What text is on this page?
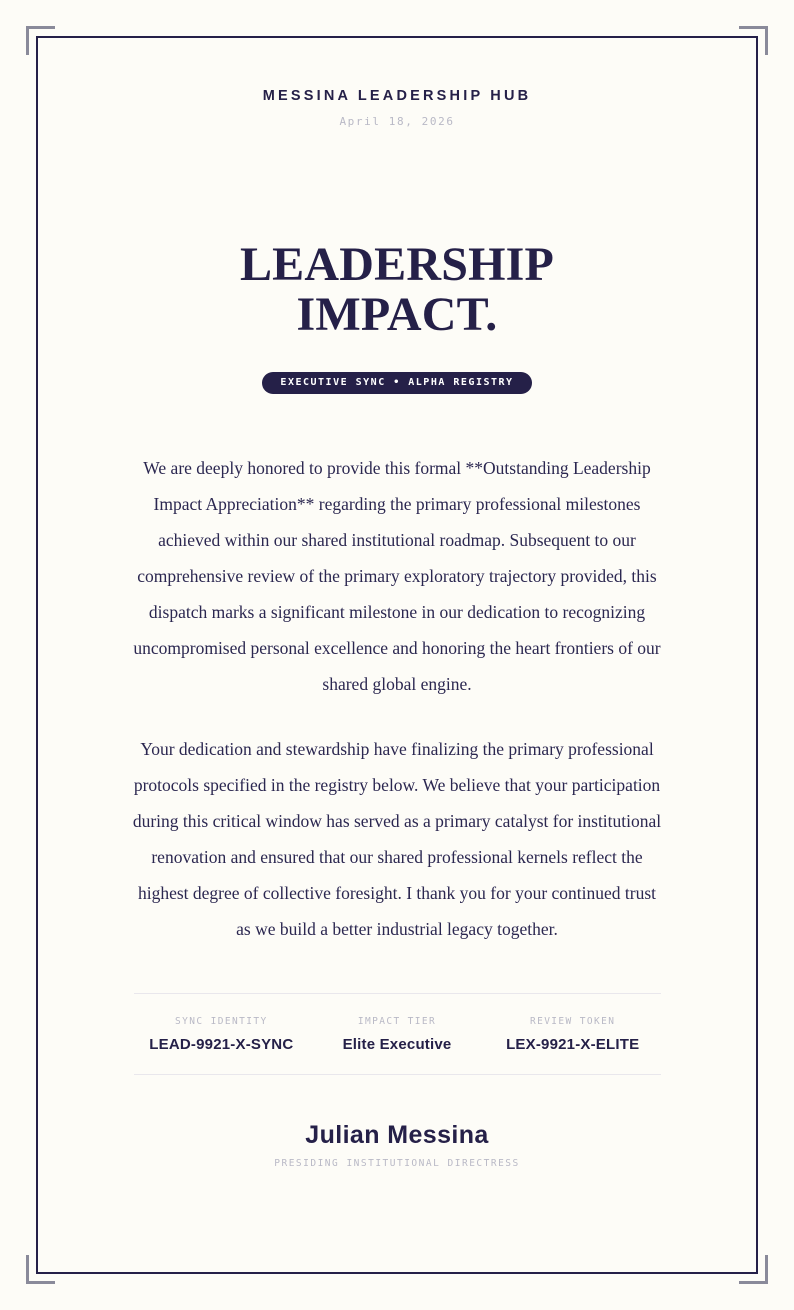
MESSINA LEADERSHIP HUB
April 18, 2026
LEADERSHIP IMPACT.
EXECUTIVE SYNC • ALPHA REGISTRY

We are deeply honored to provide this formal **Outstanding Leadership Impact Appreciation** regarding the primary professional milestones achieved within our shared institutional roadmap. Subsequent to our comprehensive review of the primary exploratory trajectory provided, this dispatch marks a significant milestone in our dedication to recognizing uncompromised personal excellence and honoring the heart frontiers of our shared global engine.

Your dedication and stewardship have finalizing the primary professional protocols specified in the registry below. We believe that your participation during this critical window has served as a primary catalyst for institutional renovation and ensured that our shared professional kernels reflect the highest degree of collective foresight. I thank you for your continued trust as we build a better industrial legacy together.

SYNC IDENTITY
LEAD-9921-X-SYNC
IMPACT TIER
Elite Executive
REVIEW TOKEN
LEX-9921-X-ELITE
Julian Messina
PRESIDING INSTITUTIONAL DIRECTRESS
